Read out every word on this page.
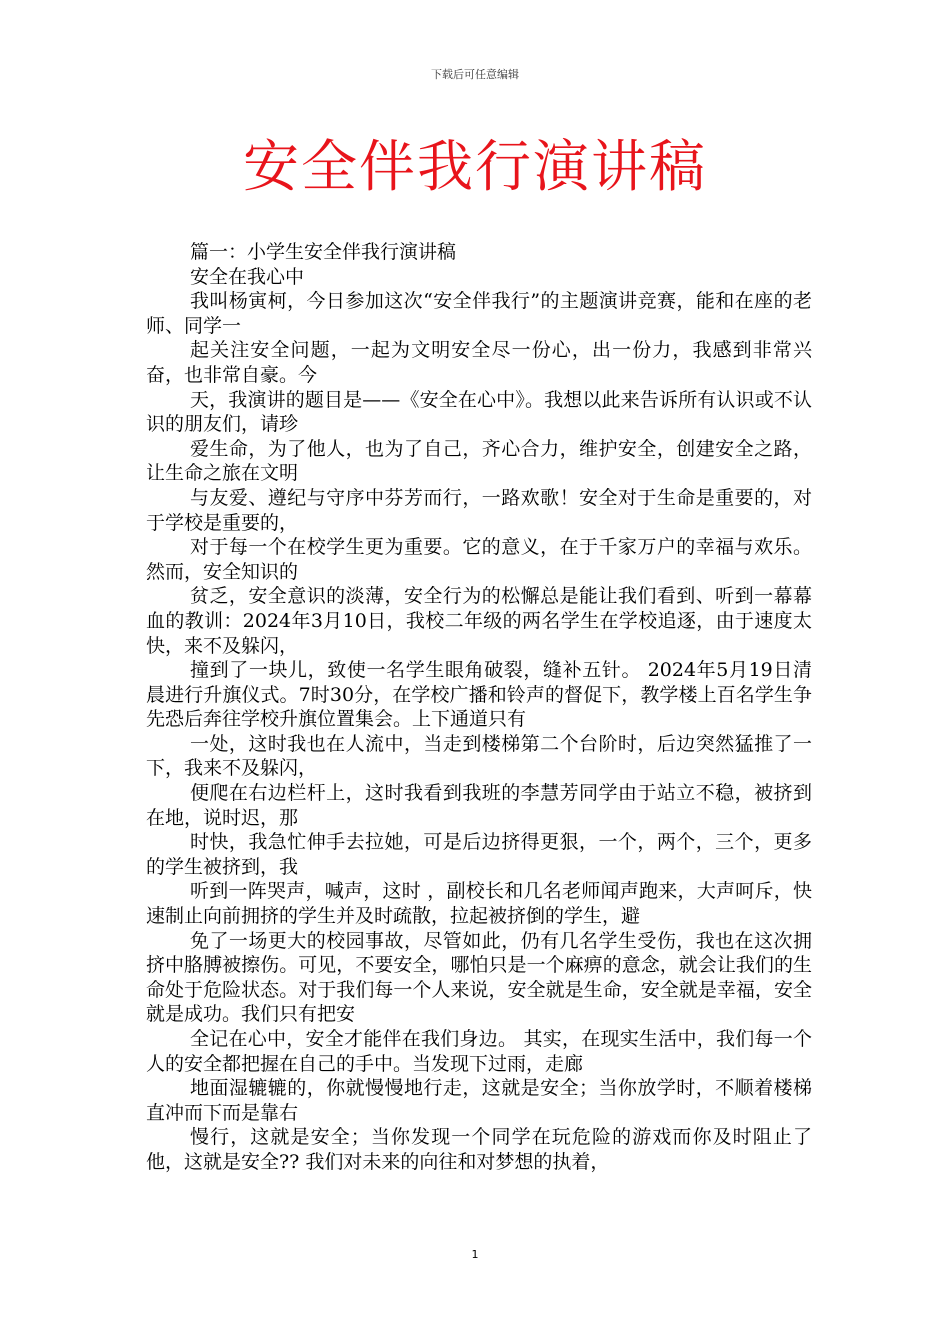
下载后可任意编辑
安全伴我行演讲稿

篇一：小学生安全伴我行演讲稿

安全在我心中

我叫杨寅柯，今日参加这次“安全伴我行”的主题演讲竞赛，能和在座的老师、同学一

起关注安全问题，一起为文明安全尽一份心，出一份力，我感到非常兴奋，也非常自豪。今

天，我演讲的题目是——《安全在心中》。我想以此来告诉所有认识或不认识的朋友们，请珍

爱生命，为了他人，也为了自己，齐心合力，维护安全，创建安全之路，让生命之旅在文明

与友爱、遵纪与守序中芬芳而行，一路欢歌！安全对于生命是重要的，对于学校是重要的，

对于每一个在校学生更为重要。它的意义，在于千家万户的幸福与欢乐。 然而，安全知识的

贫乏，安全意识的淡薄，安全行为的松懈总是能让我们看到、听到一幕幕血的教训：2024年3月10日，我校二年级的两名学生在学校追逐，由于速度太快，来不及躲闪，

撞到了一块儿，致使一名学生眼角破裂，缝补五针。 2024年5月19日清晨进行升旗仪式。7时30分，在学校广播和铃声的督促下，教学楼上百名学生争先恐后奔往学校升旗位置集会。上下通道只有

一处，这时我也在人流中，当走到楼梯第二个台阶时，后边突然猛推了一下，我来不及躲闪，

便爬在右边栏杆上，这时我看到我班的李慧芳同学由于站立不稳，被挤到在地，说时迟，那

时快，我急忙伸手去拉她，可是后边挤得更狠，一个，两个，三个，更多的学生被挤到，我

听到一阵哭声，喊声，这时 ，副校长和几名老师闻声跑来，大声呵斥，快速制止向前拥挤的学生并及时疏散，拉起被挤倒的学生，避

免了一场更大的校园事故，尽管如此，仍有几名学生受伤，我也在这次拥挤中胳膊被擦伤。可见，不要安全，哪怕只是一个麻痹的意念，就会让我们的生命处于危险状态。对于我们每一个人来说，安全就是生命，安全就是幸福，安全就是成功。我们只有把安

全记在心中，安全才能伴在我们身边。 其实，在现实生活中，我们每一个人的安全都把握在自己的手中。当发现下过雨，走廊

地面湿辘辘的，你就慢慢地行走，这就是安全；当你放学时，不顺着楼梯直冲而下而是靠右

慢行，这就是安全；当你发现一个同学在玩危险的游戏而你及时阻止了他，这就是安全?? 我们对未来的向往和对梦想的执着，

1
